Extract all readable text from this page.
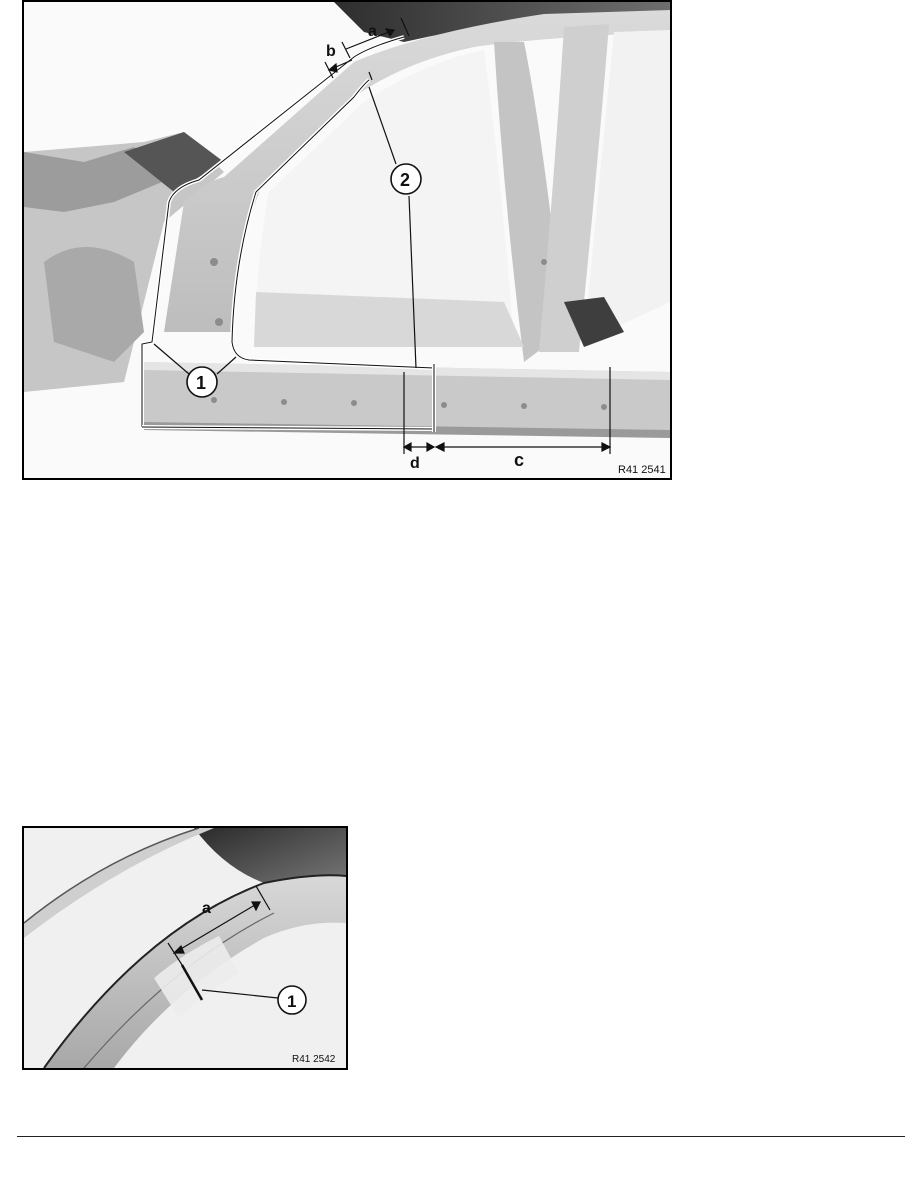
a
b
d	c
1
2
R41 2541
a
1
R41 2542
